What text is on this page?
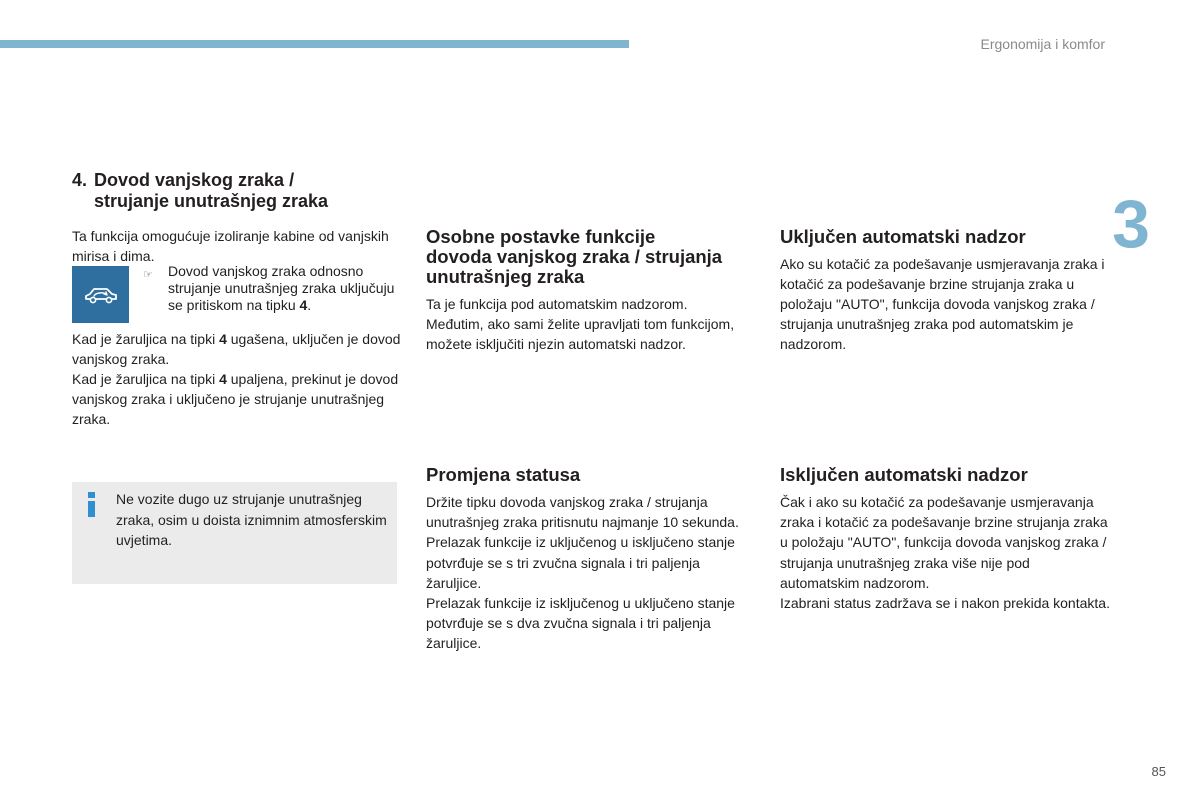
Ergonomija i komfor
3
85
4. Dovod vanjskog zraka /
strujanje unutrašnjeg zraka

Ta funkcija omogućuje izoliranje kabine od vanjskih mirisa i dima.

☞	Dovod vanjskog zraka odnosno strujanje unutrašnjeg zraka uključuju se pritiskom na tipku 4.

Kad je žaruljica na tipki 4 ugašena, uključen je dovod vanjskog zraka.

Kad je žaruljica na tipki 4 upaljena, prekinut je dovod vanjskog zraka i uključeno je strujanje unutrašnjeg zraka.

Ne vozite dugo uz strujanje unutrašnjeg zraka, osim u doista iznimnim atmosferskim uvjetima.
Osobne postavke funkcije
dovoda vanjskog zraka / strujanja
unutrašnjeg zraka

Ta je funkcija pod automatskim nadzorom. Međutim, ako sami želite upravljati tom funkcijom, možete isključiti njezin automatski nadzor.

Promjena statusa

Držite tipku dovoda vanjskog zraka / strujanja unutrašnjeg zraka pritisnutu najmanje 10 sekunda.

Prelazak funkcije iz uključenog u isključeno stanje potvrđuje se s tri zvučna signala i tri paljenja žaruljice.

Prelazak funkcije iz isključenog u uključeno stanje potvrđuje se s dva zvučna signala i tri paljenja žaruljice.

Uključen automatski nadzor

Ako su kotačić za podešavanje usmjeravanja zraka i kotačić za podešavanje brzine strujanja zraka u položaju "AUTO", funkcija dovoda vanjskog zraka / strujanja unutrašnjeg zraka pod automatskim je nadzorom.

Isključen automatski nadzor

Čak i ako su kotačić za podešavanje usmjeravanja zraka i kotačić za podešavanje brzine strujanja zraka u položaju "AUTO", funkcija dovoda vanjskog zraka / strujanja unutrašnjeg zraka više nije pod automatskim nadzorom.

Izabrani status zadržava se i nakon prekida kontakta.
